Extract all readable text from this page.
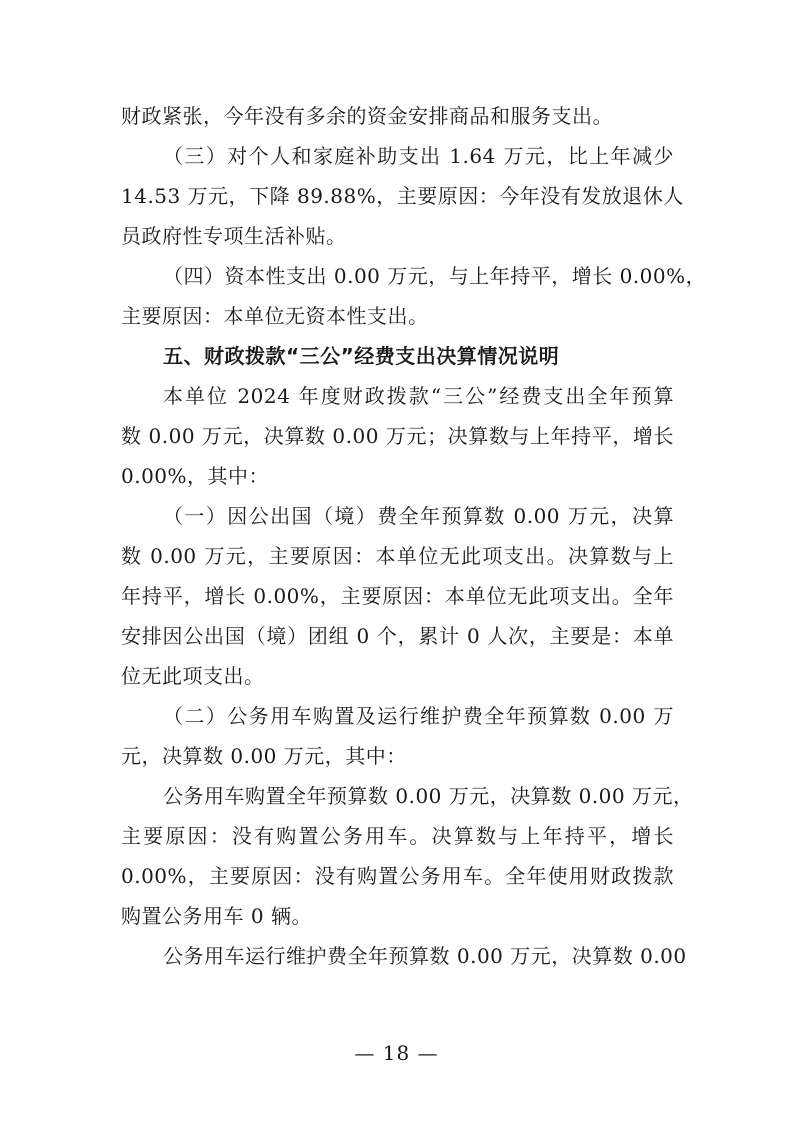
财政紧张，今年没有多余的资金安排商品和服务支出。
（三）对个人和家庭补助支出 1.64 万元，比上年减少
14.53 万元，下降 89.88%，主要原因：今年没有发放退休人
员政府性专项生活补贴。
（四）资本性支出 0.00 万元，与上年持平，增长 0.00%，
主要原因：本单位无资本性支出。
五、财政拨款“三公”经费支出决算情况说明
本单位 2024 年度财政拨款“三公”经费支出全年预算
数 0.00 万元，决算数 0.00 万元；决算数与上年持平，增长
0.00%，其中：
（一）因公出国（境）费全年预算数 0.00 万元，决算
数 0.00 万元，主要原因：本单位无此项支出。决算数与上
年持平，增长 0.00%，主要原因：本单位无此项支出。全年
安排因公出国（境）团组 0 个，累计 0 人次，主要是：本单
位无此项支出。
（二）公务用车购置及运行维护费全年预算数 0.00 万
元，决算数 0.00 万元，其中：
公务用车购置全年预算数 0.00 万元，决算数 0.00 万元，
主要原因：没有购置公务用车。决算数与上年持平，增长
0.00%，主要原因：没有购置公务用车。全年使用财政拨款
购置公务用车 0 辆。
公务用车运行维护费全年预算数 0.00 万元，决算数 0.00
— 18 —
